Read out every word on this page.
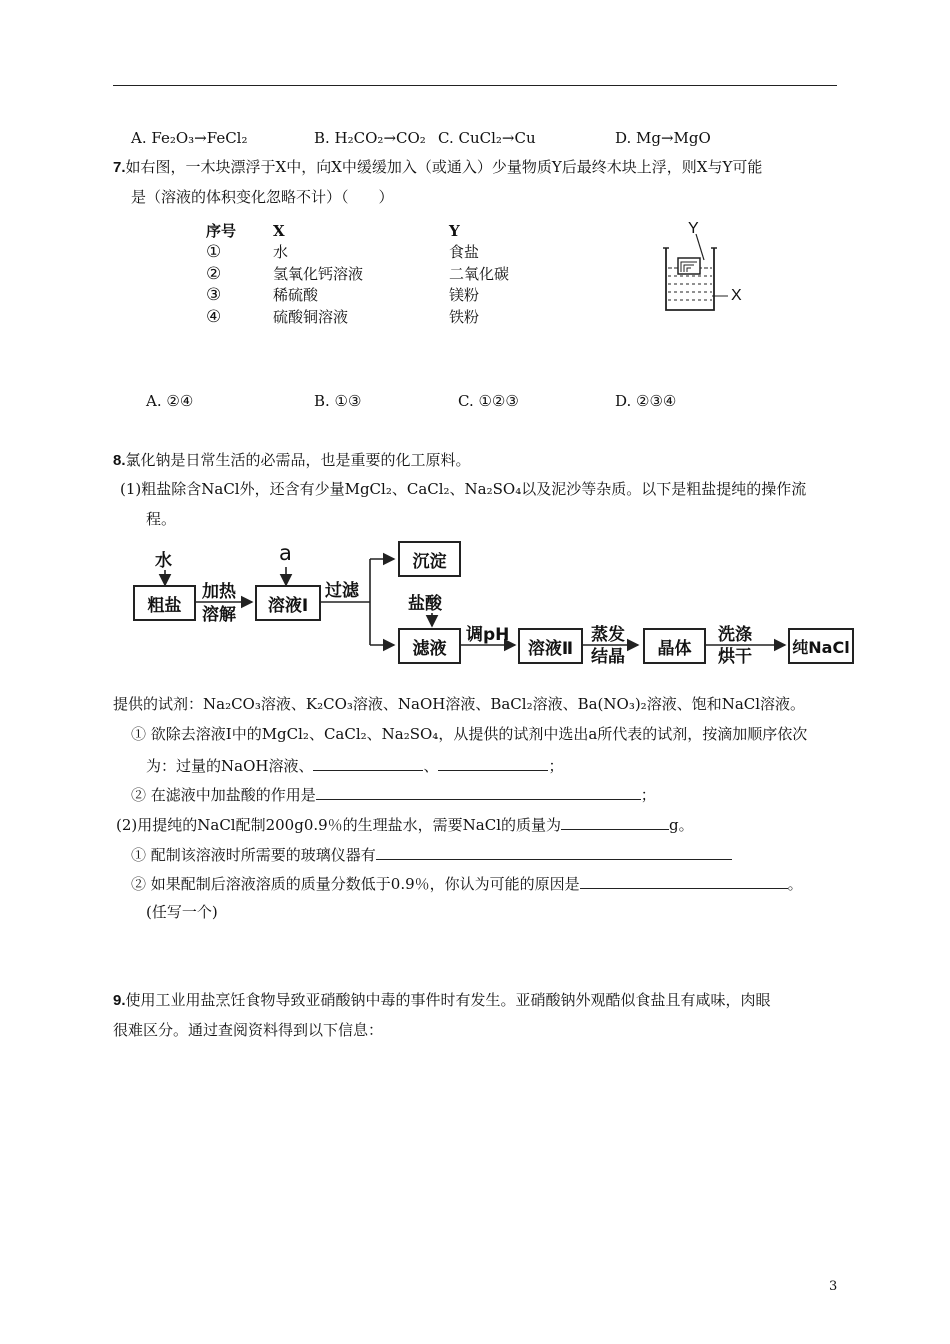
A. Fe₂O₃→FeCl₂	B. H₂CO₂→CO₂ C. CuCl₂→Cu	D. Mg→MgO
7.如右图，一木块漂浮于X中，向X中缓缓加入（或通入）少量物质Y后最终木块上浮，则X与Y可能
是（溶液的体积变化忽略不计）（　　）
序号 X	Y
①	水	食盐
②	氢氧化钙溶液	二氧化碳
③	稀硫酸	镁粉
④	硫酸铜溶液	铁粉
Y
X
A. ②④	B. ①③	C. ①②③	D. ②③④
8.氯化钠是日常生活的必需品，也是重要的化工原料。
(1)粗盐除含NaCl外，还含有少量MgCl₂、CaCl₂、Na₂SO₄以及泥沙等杂质。以下是粗盐提纯的操作流
程。
水	a
粗盐
加热
溶解	溶液Ⅰ
过滤
沉淀
盐酸
滤液
调pH
溶液Ⅱ
蒸发
结晶	晶体
洗涤
烘干	纯NaCl
提供的试剂：Na₂CO₃溶液、K₂CO₃溶液、NaOH溶液、BaCl₂溶液、Ba(NO₃)₂溶液、饱和NaCl溶液。
① 欲除去溶液Ⅰ中的MgCl₂、CaCl₂、Na₂SO₄，从提供的试剂中选出a所代表的试剂，按滴加顺序依次
为：过量的NaOH溶液、	、	；
② 在滤液中加盐酸的作用是	；
(2)用提纯的NaCl配制200g0.9％的生理盐水，需要NaCl的质量为	g。
① 配制该溶液时所需要的玻璃仪器有
② 如果配制后溶液溶质的质量分数低于0.9％，你认为可能的原因是	。
(任写一个)
9.使用工业用盐烹饪食物导致亚硝酸钠中毒的事件时有发生。亚硝酸钠外观酷似食盐且有咸味，肉眼
很难区分。通过查阅资料得到以下信息：
3
